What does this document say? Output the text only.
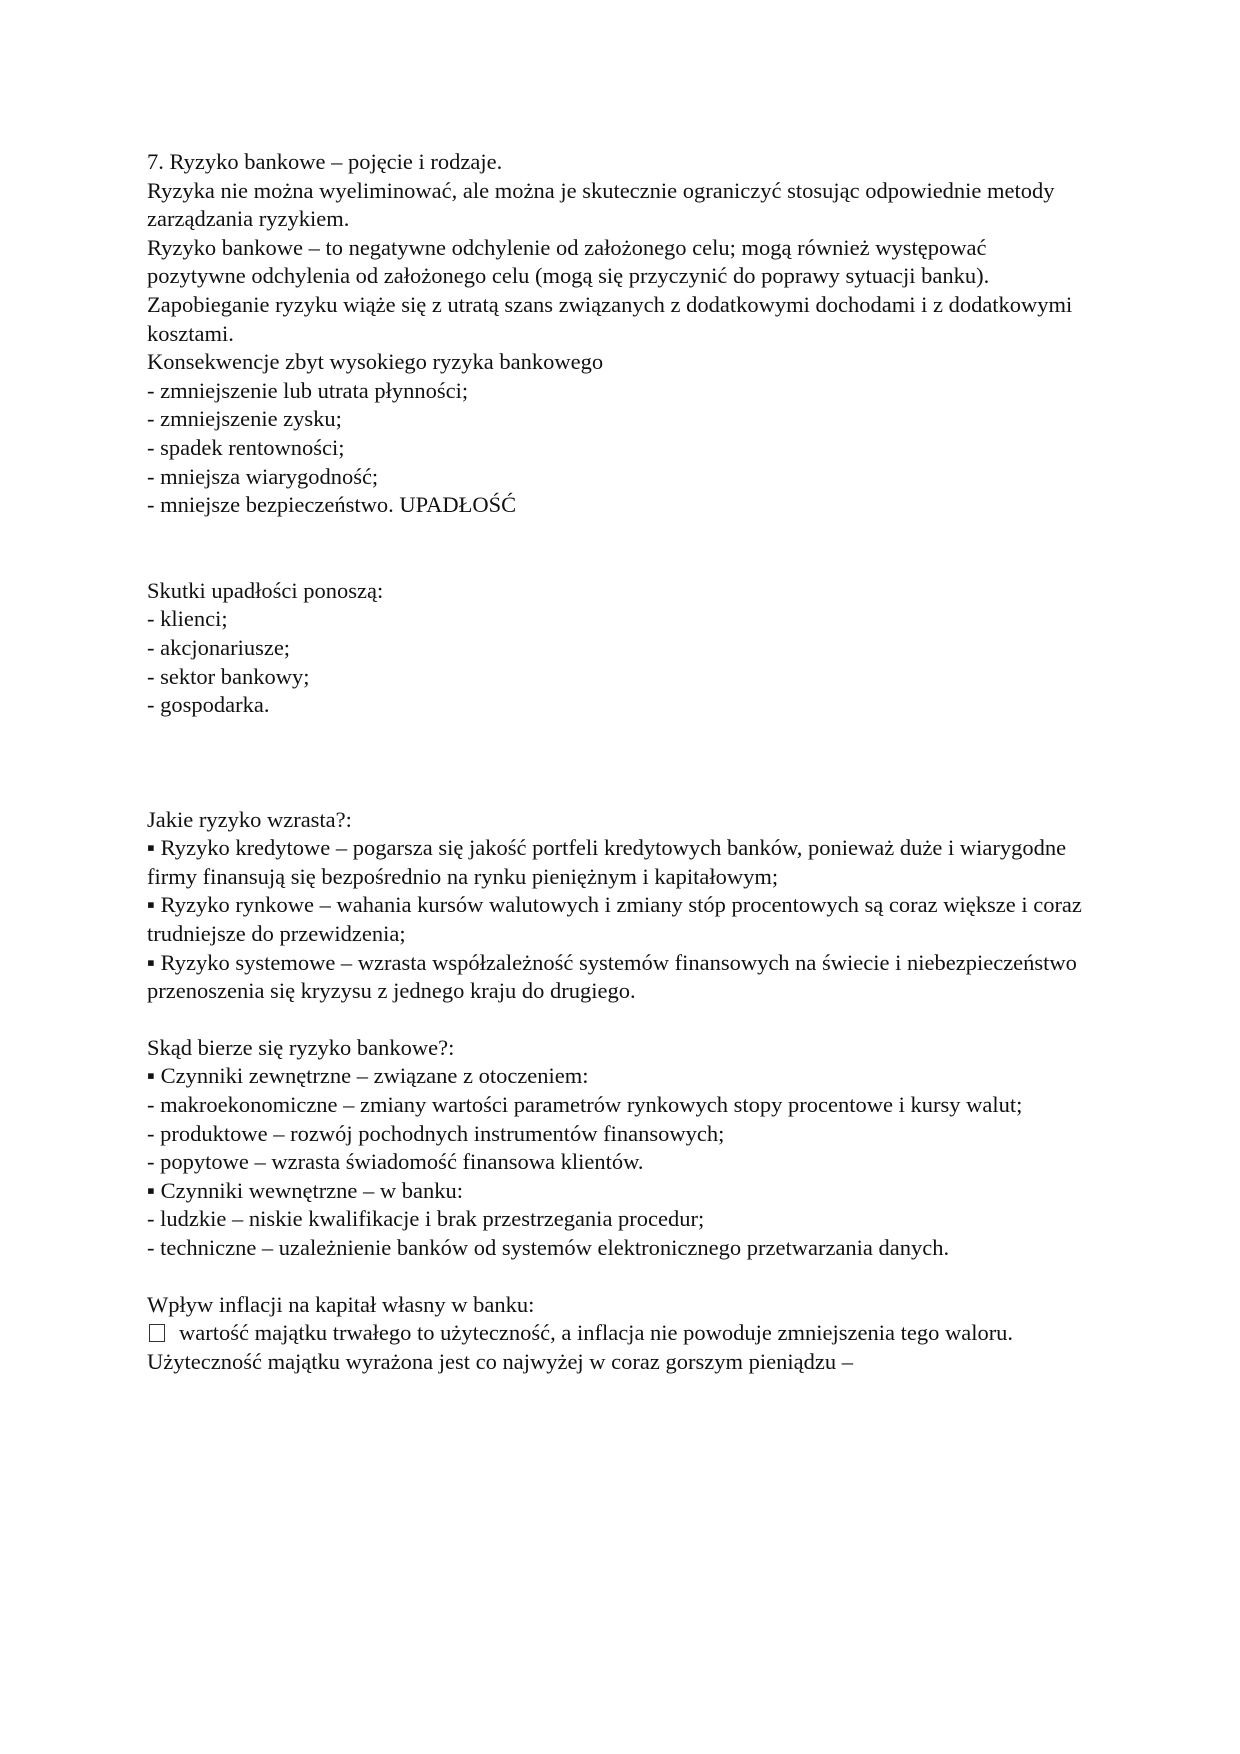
7. Ryzyko bankowe – pojęcie i rodzaje.

Ryzyka nie można wyeliminować, ale można je skutecznie ograniczyć stosując odpowiednie metody zarządzania ryzykiem.

Ryzyko bankowe – to negatywne odchylenie od założonego celu; mogą również występować pozytywne odchylenia od założonego celu (mogą się przyczynić do poprawy sytuacji banku). Zapobieganie ryzyku wiąże się z utratą szans związanych z dodatkowymi dochodami i z dodatkowymi kosztami.

Konsekwencje zbyt wysokiego ryzyka bankowego

- zmniejszenie lub utrata płynności;
- zmniejszenie zysku;
- spadek rentowności;
- mniejsza wiarygodność;
- mniejsze bezpieczeństwo. UPADŁOŚĆ

Skutki upadłości ponoszą:

- klienci;
- akcjonariusze;
- sektor bankowy;
- gospodarka.

Jakie ryzyko wzrasta?:

▪ Ryzyko kredytowe – pogarsza się jakość portfeli kredytowych banków, ponieważ duże i wiarygodne firmy finansują się bezpośrednio na rynku pieniężnym i kapitałowym;
▪ Ryzyko rynkowe – wahania kursów walutowych i zmiany stóp procentowych są coraz większe i coraz trudniejsze do przewidzenia;
▪ Ryzyko systemowe – wzrasta współzależność systemów finansowych na świecie i niebezpieczeństwo przenoszenia się kryzysu z jednego kraju do drugiego.

Skąd bierze się ryzyko bankowe?:

▪ Czynniki zewnętrzne – związane z otoczeniem:
- makroekonomiczne – zmiany wartości parametrów rynkowych stopy procentowe i kursy walut;
- produktowe – rozwój pochodnych instrumentów finansowych;
- popytowe – wzrasta świadomość finansowa klientów.
▪ Czynniki wewnętrzne – w banku:
- ludzkie – niskie kwalifikacje i brak przestrzegania procedur;
- techniczne – uzależnienie banków od systemów elektronicznego przetwarzania danych.

Wpływ inflacji na kapitał własny w banku:

wartość majątku trwałego to użyteczność, a inflacja nie powoduje zmniejszenia tego waloru. Użyteczność majątku wyrażona jest co najwyżej w coraz gorszym pieniądzu –
